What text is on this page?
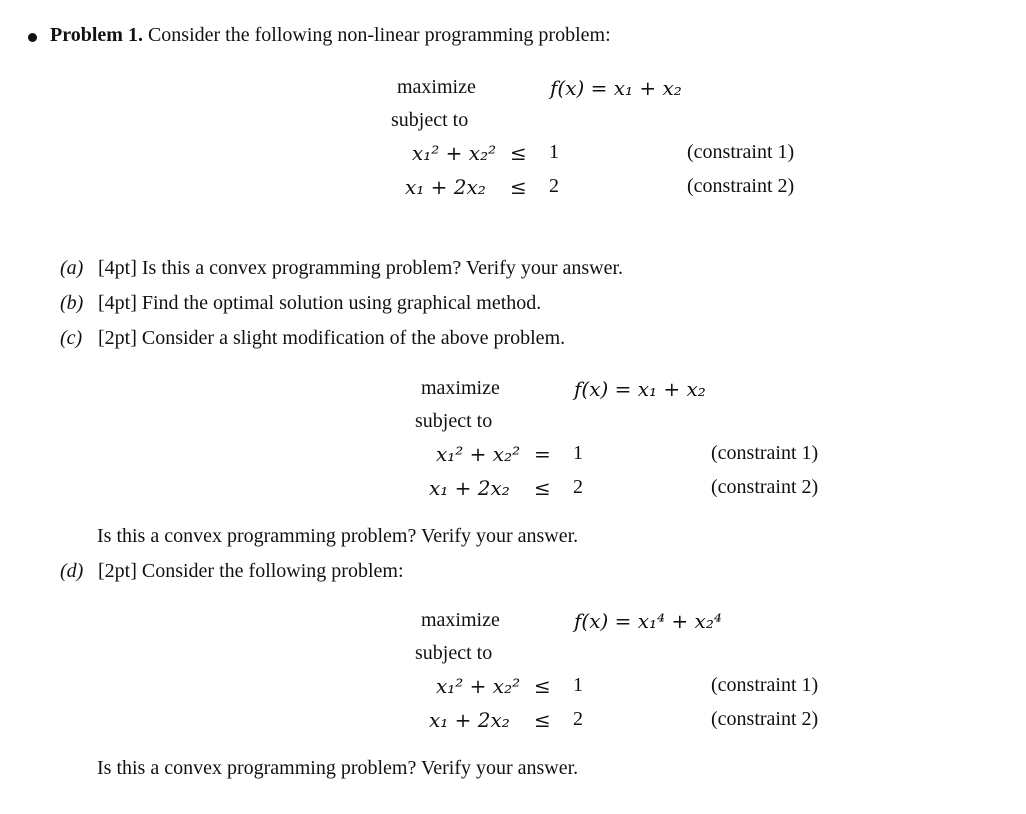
Problem 1. Consider the following non-linear programming problem:
maximize	f(x) = x₁ + x₂
subject to
x₁² + x₂² ≤ 1	(constraint 1)
x₁ + 2x₂ ≤ 2	(constraint 2)
(a) [4pt] Is this a convex programming problem? Verify your answer.
(b) [4pt] Find the optimal solution using graphical method.
(c) [2pt] Consider a slight modification of the above problem.
maximize	f(x) = x₁ + x₂
subject to
x₁² + x₂² = 1	(constraint 1)
x₁ + 2x₂ ≤ 2	(constraint 2)
Is this a convex programming problem? Verify your answer.
(d) [2pt] Consider the following problem:
maximize	f(x) = x₁⁴ + x₂⁴
subject to
x₁² + x₂² ≤ 1	(constraint 1)
x₁ + 2x₂ ≤ 2	(constraint 2)
Is this a convex programming problem? Verify your answer.
